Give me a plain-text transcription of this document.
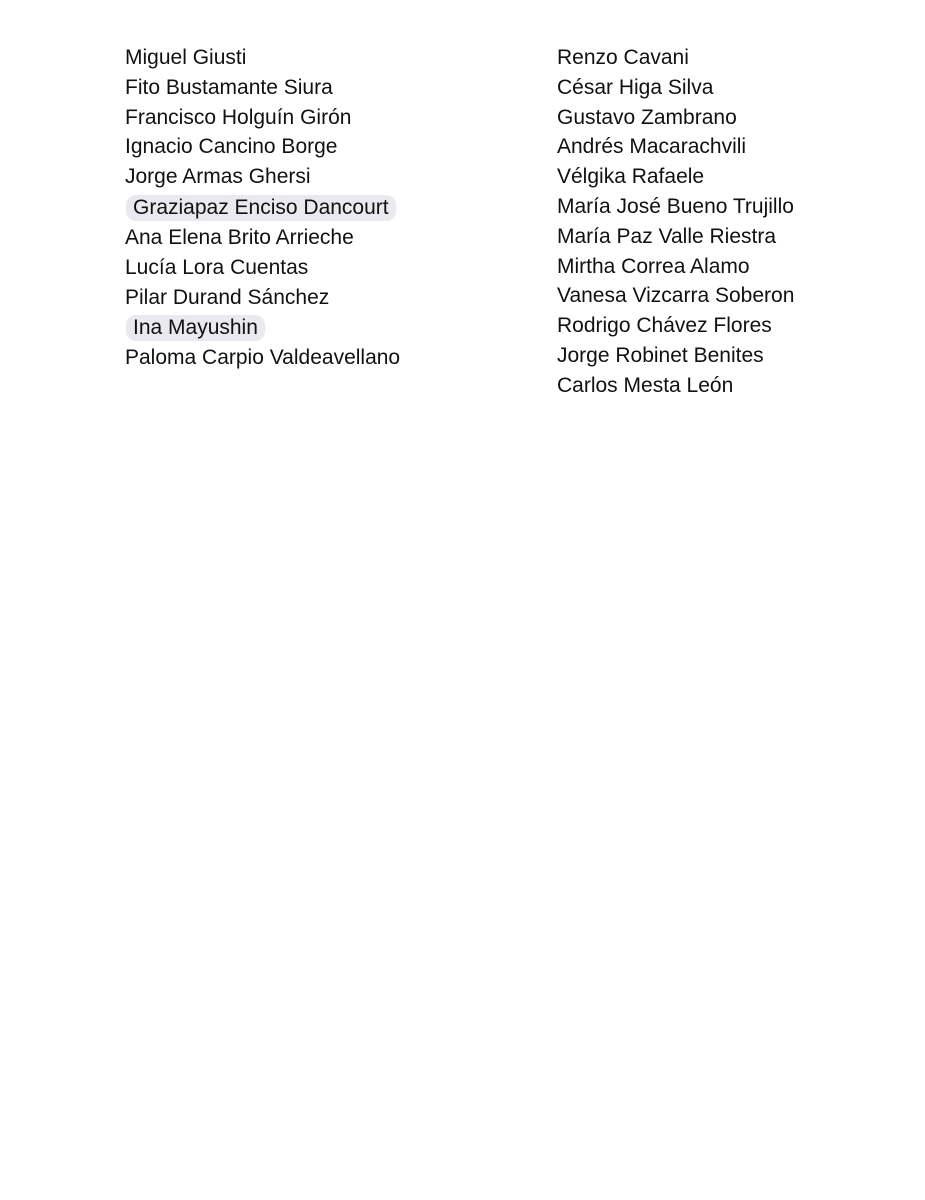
Miguel Giusti
Fito Bustamante Siura
Francisco Holguín Girón
Ignacio Cancino Borge
Jorge Armas Ghersi
Graziapaz Enciso Dancourt
Ana Elena Brito Arrieche
Lucía Lora Cuentas
Pilar Durand Sánchez
Ina Mayushin
Paloma Carpio Valdeavellano
Renzo Cavani
César Higa Silva
Gustavo Zambrano
Andrés Macarachvili
Vélgika Rafaele
María José Bueno Trujillo
María Paz Valle Riestra
Mirtha Correa Alamo
Vanesa Vizcarra Soberon
Rodrigo Chávez Flores
Jorge Robinet Benites
Carlos Mesta León
